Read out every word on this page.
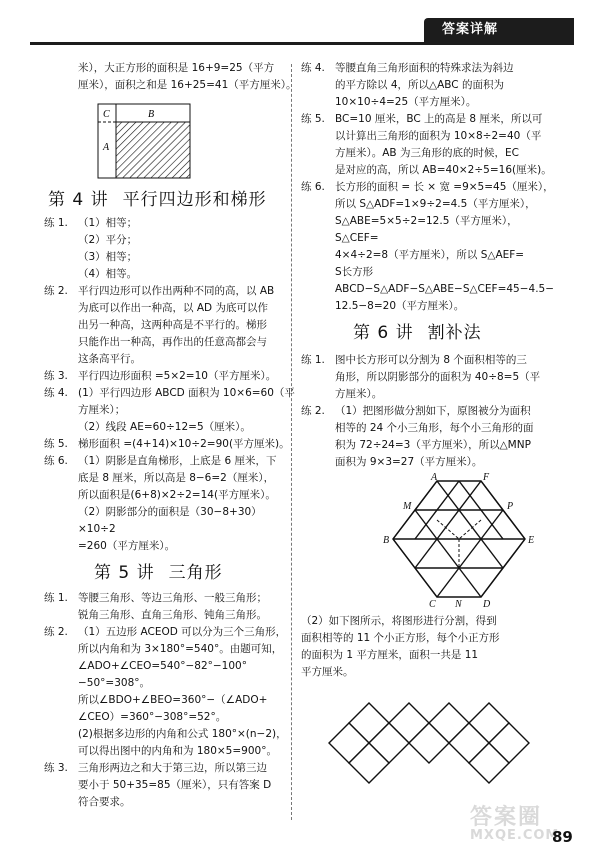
答案详解
米），大正方形的面积是 16+9=25（平方
厘米），面积之和是 16+25=41（平方厘米）。
C	B
A
第 4 讲 平行四边形和梯形
练 1. （1）相等；
（2）平分；
（3）相等；
（4）相等。
练 2. 平行四边形可以作出两种不同的高，以 AB
为底可以作出一种高，以 AD 为底可以作
出另一种高，这两种高是不平行的。梯形
只能作出一种高，再作出的任意高都会与
这条高平行。
练 3. 平行四边形面积 =5×2=10（平方厘米）。
练 4. (1）平行四边形 ABCD 面积为 10×6=60（平
方厘米）；
（2）线段 AE=60÷12=5（厘米）。
练 5. 梯形面积 =(4+14)×10÷2=90(平方厘米)。
练 6. （1）阴影是直角梯形，上底是 6 厘米，下
底是 8 厘米，所以高是 8−6=2（厘米），
所以面积是(6+8)×2÷2=14(平方厘米）。
（2）阴影部分的面积是（30−8+30）×10÷2
=260（平方厘米）。
第 5 讲 三角形
练 1. 等腰三角形、等边三角形、一般三角形；
锐角三角形、直角三角形、钝角三角形。
练 2. （1）五边形 ACEOD 可以分为三个三角形，
所以内角和为 3×180°=540°。由题可知，
∠ADO+∠CEO=540°−82°−100°−50°=308°。
所以∠BDO+∠BEO=360°−（∠ADO+
∠CEO）=360°−308°=52°。
(2)根据多边形的内角和公式 180°×(n−2)，
可以得出图中的内角和为 180×5=900°。
练 3. 三角形两边之和大于第三边，所以第三边
要小于 50+35=85（厘米），只有答案 D
符合要求。
练 4. 等腰直角三角形面积的特殊求法为斜边
的平方除以 4，所以△ABC 的面积为
10×10÷4=25（平方厘米）。
练 5. BC=10 厘米，BC 上的高是 8 厘米，所以可
以计算出三角形的面积为 10×8÷2=40（平
方厘米）。AB 为三角形的底的时候，EC
是对应的高，所以 AB=40×2÷5=16(厘米)。
练 6. 长方形的面积 = 长 × 宽 =9×5=45（厘米），
所以 S△ADF=1×9÷2=4.5（平方厘米），
S△ABE=5×5÷2=12.5（平方厘米），S△CEF=
4×4÷2=8（平方厘米），所以 S△AEF=
S长方形ABCD−S△ADF−S△ABE−S△CEF=45−4.5−
12.5−8=20（平方厘米）。
第 6 讲 割补法
练 1. 图中长方形可以分割为 8 个面积相等的三
角形，所以阴影部分的面积为 40÷8=5（平
方厘米）。
练 2. （1）把图形做分割如下，原图被分为面积
相等的 24 个小三角形，每个小三角形的面
积为 72÷24=3（平方厘米），所以△MNP
面积为 9×3=27（平方厘米）。
A	F
M	P
B	E
C N D
（2）如下图所示，将图形进行分割，得到
面积相等的 11 个小正方形，每个小正方形
的面积为 1 平方厘米，面积一共是 11
平方厘米。
答案圈
MXQE.COM
89
